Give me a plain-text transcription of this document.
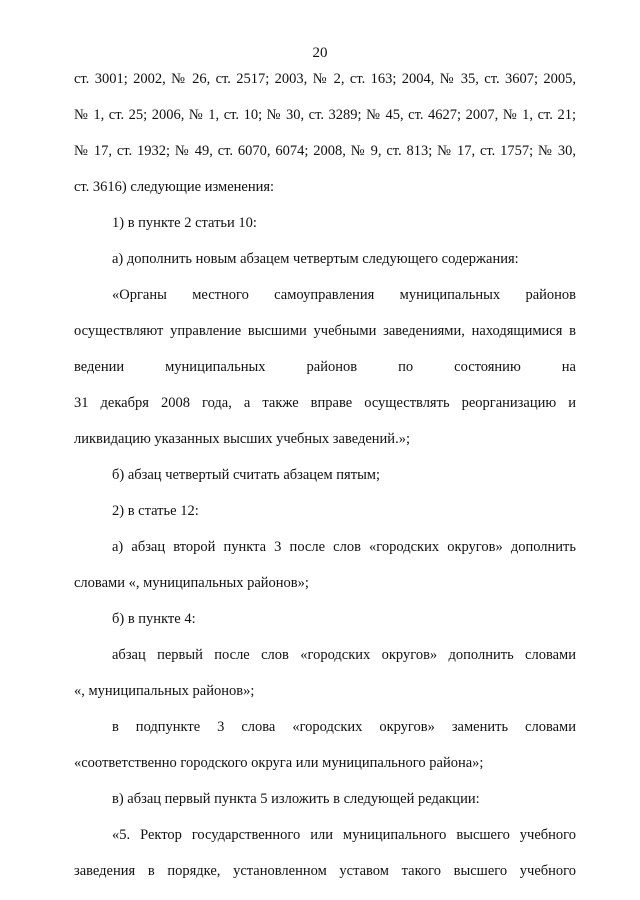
20
ст. 3001; 2002, № 26, ст. 2517; 2003, № 2, ст. 163; 2004, № 35, ст. 3607; 2005,
№ 1, ст. 25; 2006, № 1, ст. 10; № 30, ст. 3289; № 45, ст. 4627; 2007, № 1, ст. 21;
№ 17, ст. 1932; № 49, ст. 6070, 6074; 2008, № 9, ст. 813; № 17, ст. 1757; № 30,
ст. 3616) следующие изменения:
1) в пункте 2 статьи 10:
а) дополнить новым абзацем четвертым следующего содержания:
«Органы местного самоуправления муниципальных районов
осуществляют управление высшими учебными заведениями, находящимися в
ведении муниципальных районов по состоянию на
31 декабря 2008 года, а также вправе осуществлять реорганизацию и
ликвидацию указанных высших учебных заведений.»;
б) абзац четвертый считать абзацем пятым;
2) в статье 12:
а) абзац второй пункта 3 после слов «городских округов» дополнить
словами «, муниципальных районов»;
б) в пункте 4:
абзац первый после слов «городских округов» дополнить словами
«, муниципальных районов»;
в подпункте 3 слова «городских округов» заменить словами
«соответственно городского округа или муниципального района»;
в) абзац первый пункта 5 изложить в следующей редакции:
«5. Ректор государственного или муниципального высшего учебного
заведения в порядке, установленном уставом такого высшего учебного
